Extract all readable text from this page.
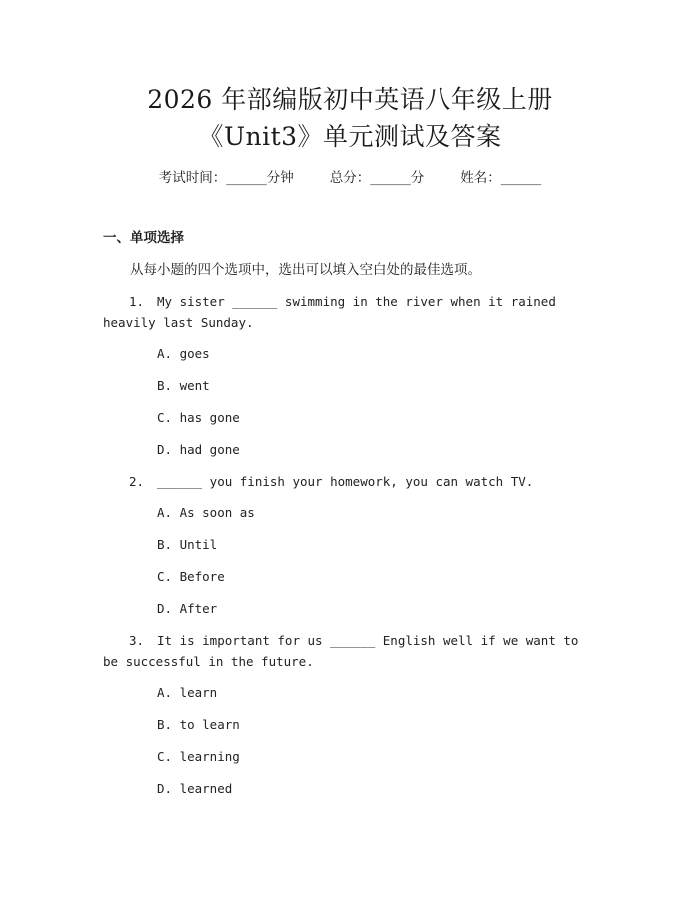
2026 年部编版初中英语八年级上册
《Unit3》单元测试及答案
考试时间：______分钟	总分：______分	姓名：______
一、单项选择
从每小题的四个选项中，选出可以填入空白处的最佳选项。
1. My sister ______ swimming in the river when it rained heavily last Sunday.
A. goes
B. went
C. has gone
D. had gone
2. ______ you finish your homework, you can watch TV.
A. As soon as
B. Until
C. Before
D. After
3. It is important for us ______ English well if we want to be successful in the future.
A. learn
B. to learn
C. learning
D. learned
